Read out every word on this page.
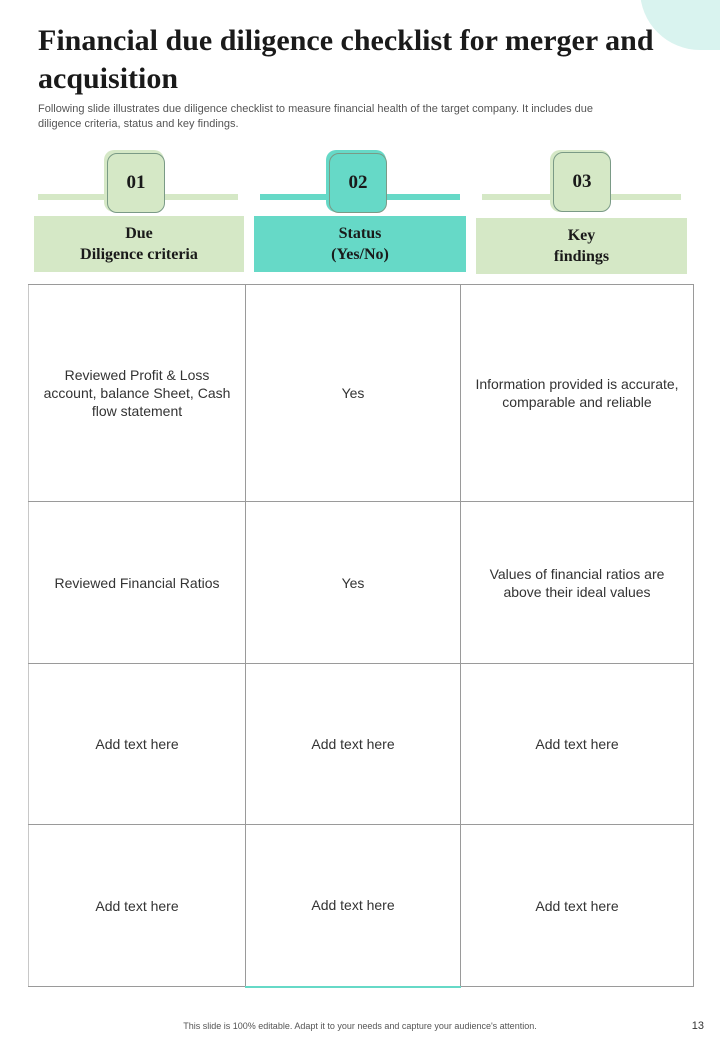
Financial due diligence checklist for merger and acquisition

Following slide illustrates due diligence checklist to measure financial health of the target company. It includes due diligence criteria, status and key findings.

01
Due
Diligence criteria
02
Status
(Yes/No)
03
Key
findings
Reviewed Profit & Loss account, balance Sheet, Cash flow statement	Yes	Information provided is accurate, comparable and reliable
Reviewed Financial Ratios	Yes	Values of financial ratios are above their ideal values
Add text here	Add text here	Add text here
Add text here	Add text here	Add text here
This slide is 100% editable. Adapt it to your needs and capture your audience's attention.	13
